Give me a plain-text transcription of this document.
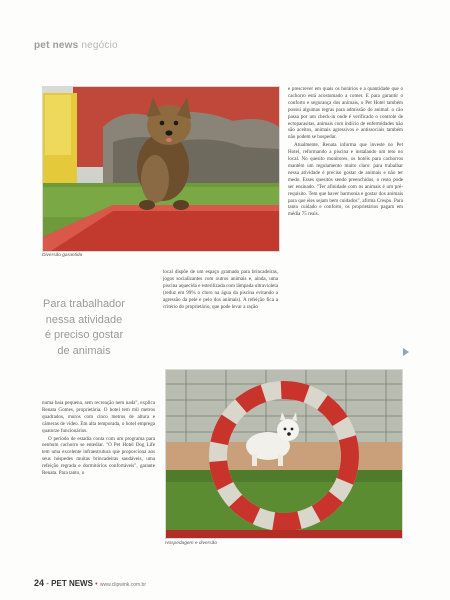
pet news negócio
Diversão garantida

e prescrever em quais os horários e a quantidade que o cachorro está acostumado a comer. E para garantir o conforto e segurança dos animais, o Pet Hotel também possui algumas regras para admissão do animal: o cão passa por um check-in onde é verificado o controle de ectoparasitas, animais com indício de enfermidades não são aceitos, animais agressivos e antissociais também não podem se hospedar.

Atualmente, Renata informa que investe no Pet Hotel, reformando a piscina e instalando um teto no local. No quesito monitores, os hotéis para cachorros mantêm um regulamento muito claro: para trabalhar nessa atividade é preciso gostar de animais e não ter medo. Esses quesitos sendo preenchidos, o resto pode ser ensinado. "Ter afinidade com os animais é um pré-requisito. Tem que haver harmonia e gostar dos animais para que eles sejam bem cuidados", afirma Crespo. Para tanto cuidado e conforto, os proprietários pagam em média 75 reais.

local dispõe de um espaço gramado para brincadeiras, jogos socializantes com outros animais e, ainda, uma piscina aquecida e esterilizada com lâmpada ultravioleta (reduz em 99% o cloro na água da piscina evitando a agressão da pele e pelo dos animais). A refeição fica a critério do proprietário, que pode levar a ração

Para trabalhador
nessa atividade
é preciso gostar
de animais

numa baia pequena, sem recreação nem nada", explica Renata Gomes, proprietária. O hotel tem mil metros quadrados, muros com cinco metros de altura e câmeras de vídeo. Em alta temporada, o hotel emprega quatorze funcionários.

O período de estadia conta com um programa para nenhum cachorro se entediar. "O Pet Hotel Dog Life tem uma excelente infraestrutura que proporciona aos seus hóspedes muitas brincadeiras saudáveis, uma refeição regrada e dormitórios confortáveis", garante Renata. Para tanto, o

Hospedagem e diversão
24 - PET NEWS • www.clipwink.com.br
